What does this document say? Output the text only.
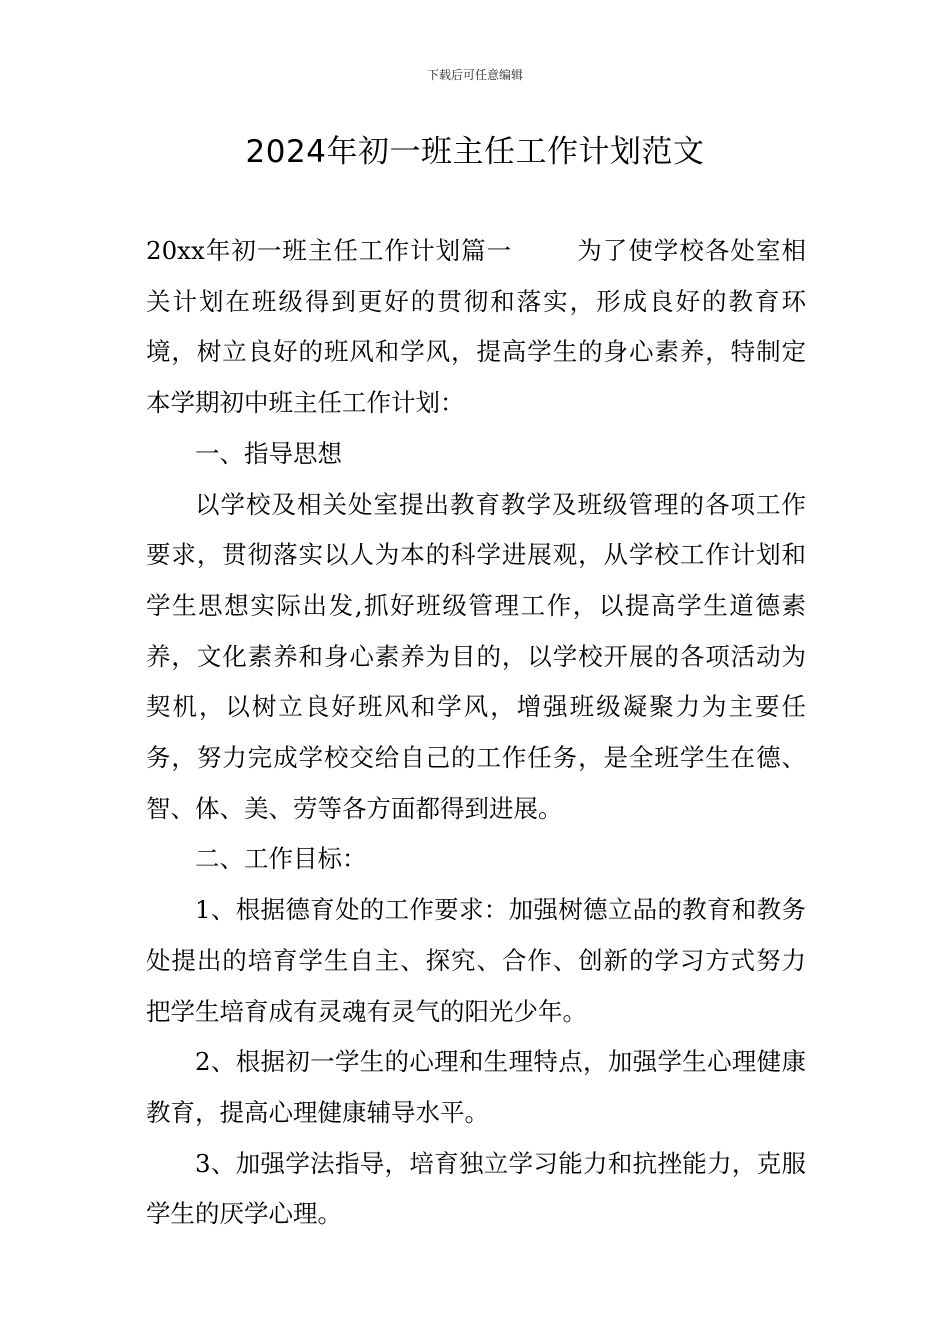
下载后可任意编辑
2024年初一班主任工作计划范文

20xx年初一班主任工作计划篇一	为了使学校各处室相关计划在班级得到更好的贯彻和落实，形成良好的教育环境，树立良好的班风和学风，提高学生的身心素养，特制定本学期初中班主任工作计划：

一、指导思想

以学校及相关处室提出教育教学及班级管理的各项工作要求，贯彻落实以人为本的科学进展观，从学校工作计划和学生思想实际出发,抓好班级管理工作，以提高学生道德素养，文化素养和身心素养为目的，以学校开展的各项活动为契机，以树立良好班风和学风，增强班级凝聚力为主要任务，努力完成学校交给自己的工作任务，是全班学生在德、智、体、美、劳等各方面都得到进展。

二、工作目标：

1、根据德育处的工作要求：加强树德立品的教育和教务处提出的培育学生自主、探究、合作、创新的学习方式努力把学生培育成有灵魂有灵气的阳光少年。

2、根据初一学生的心理和生理特点，加强学生心理健康教育，提高心理健康辅导水平。

3、加强学法指导，培育独立学习能力和抗挫能力，克服学生的厌学心理。
